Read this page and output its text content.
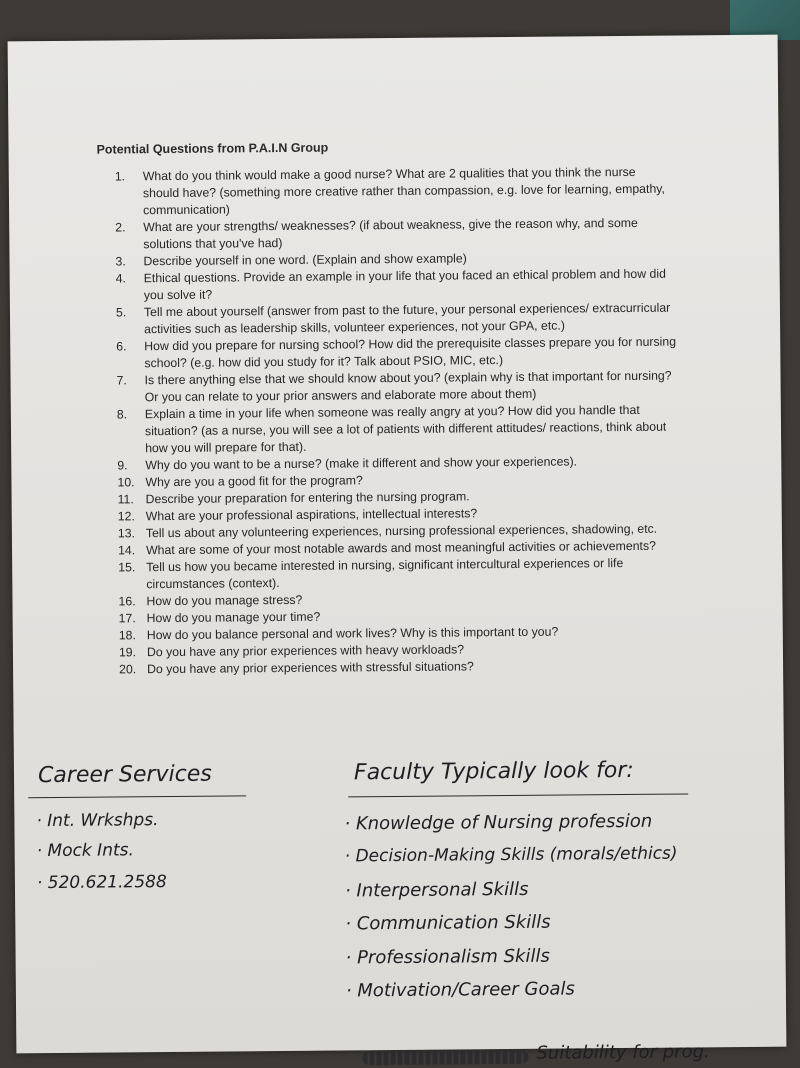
Potential Questions from P.A.I.N Group
1. What do you think would make a good nurse? What are 2 qualities that you think the nurse should have? (something more creative rather than compassion, e.g. love for learning, empathy, communication)
2. What are your strengths/ weaknesses? (if about weakness, give the reason why, and some solutions that you've had)
3. Describe yourself in one word. (Explain and show example)
4. Ethical questions. Provide an example in your life that you faced an ethical problem and how did you solve it?
5. Tell me about yourself (answer from past to the future, your personal experiences/ extracurricular activities such as leadership skills, volunteer experiences, not your GPA, etc.)
6. How did you prepare for nursing school? How did the prerequisite classes prepare you for nursing school? (e.g. how did you study for it? Talk about PSIO, MIC, etc.)
7. Is there anything else that we should know about you? (explain why is that important for nursing? Or you can relate to your prior answers and elaborate more about them)
8. Explain a time in your life when someone was really angry at you? How did you handle that situation? (as a nurse, you will see a lot of patients with different attitudes/ reactions, think about how you will prepare for that).
9. Why do you want to be a nurse? (make it different and show your experiences).
10. Why are you a good fit for the program?
11. Describe your preparation for entering the nursing program.
12. What are your professional aspirations, intellectual interests?
13. Tell us about any volunteering experiences, nursing professional experiences, shadowing, etc.
14. What are some of your most notable awards and most meaningful activities or achievements?
15. Tell us how you became interested in nursing, significant intercultural experiences or life circumstances (context).
16. How do you manage stress?
17. How do you manage your time?
18. How do you balance personal and work lives? Why is this important to you?
19. Do you have any prior experiences with heavy workloads?
20. Do you have any prior experiences with stressful situations?
Career Services
· Int. Wrkshps.
· Mock Ints.
· 520.621.2588
Faculty Typically look for:
· Knowledge of Nursing profession
· Decision-Making Skills (morals/ethics)
· Interpersonal Skills
· Communication Skills
· Professionalism Skills
· Motivation/Career Goals
Suitability for prog.
